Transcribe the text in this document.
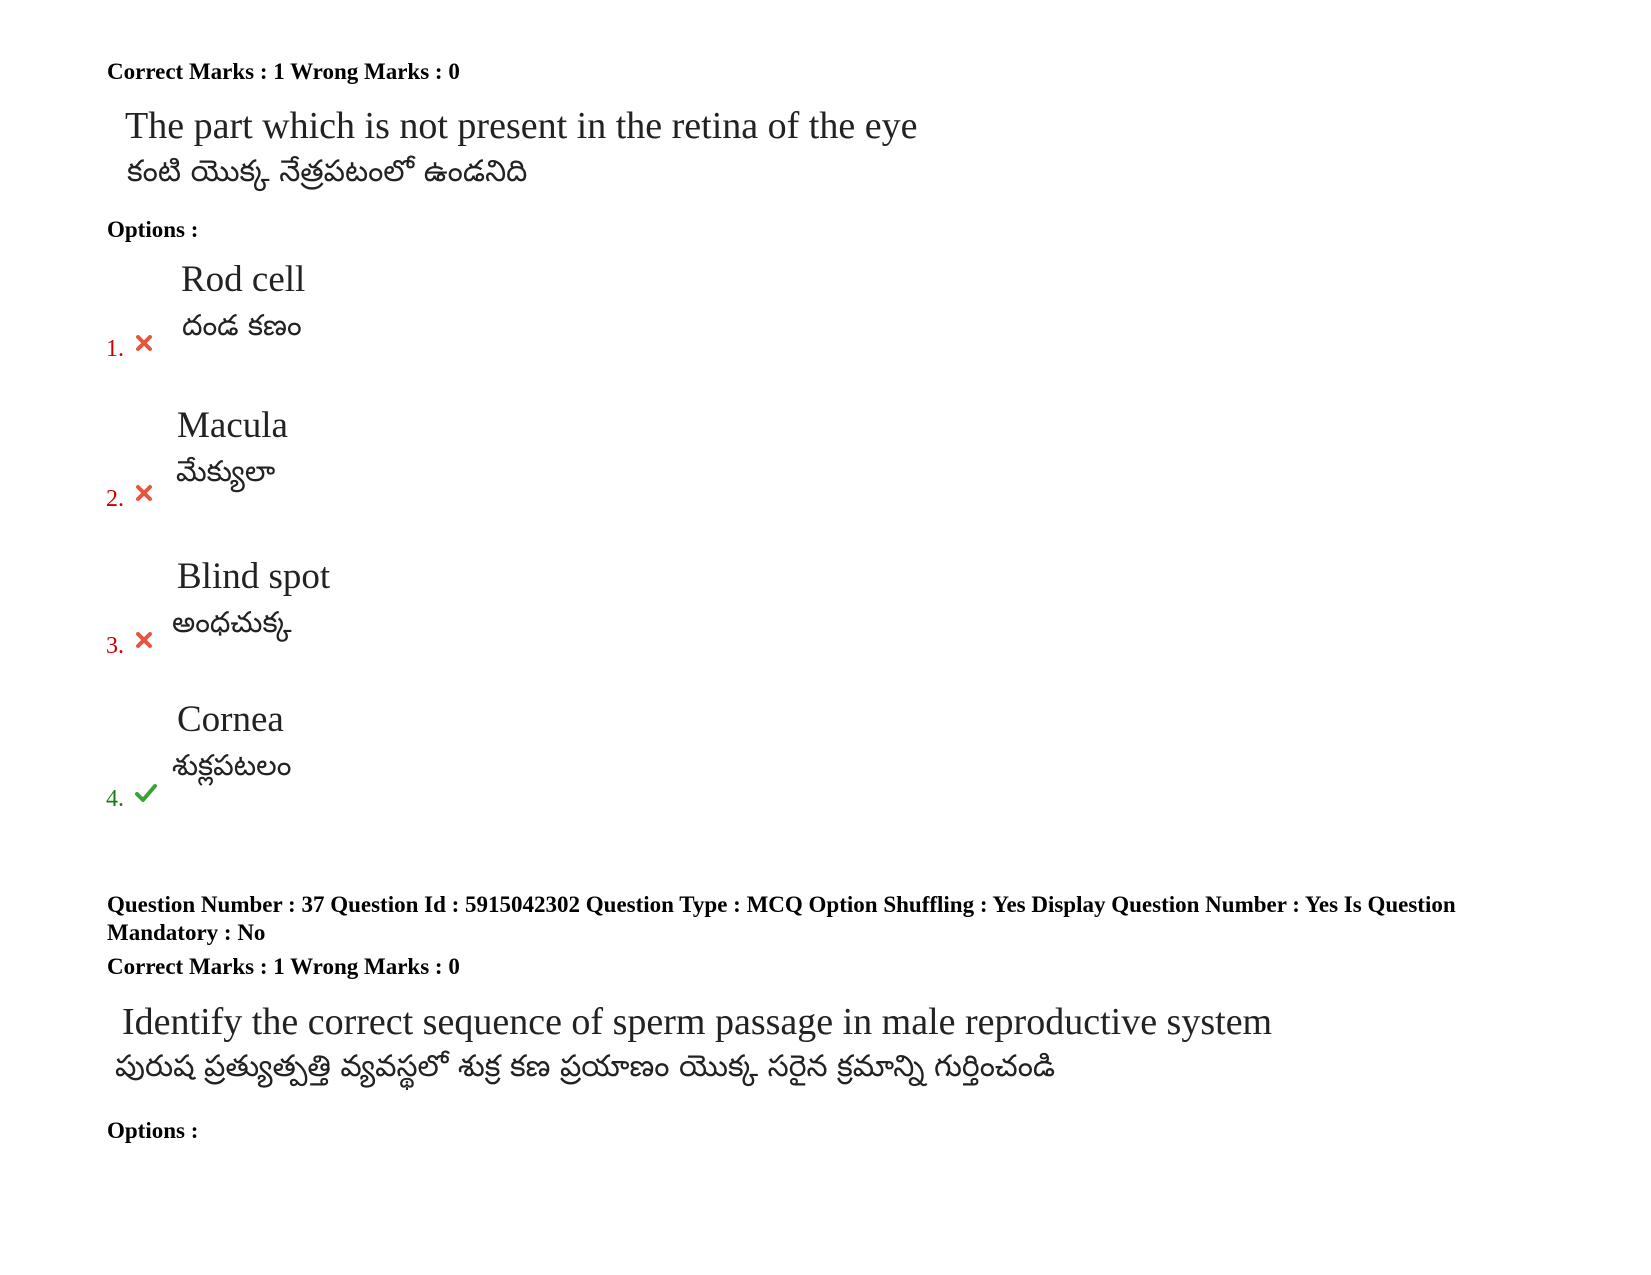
Correct Marks : 1 Wrong Marks : 0
The part which is not present in the retina of the eye
కంటి యొక్క నేత్రపటంలో ఉండనిది
Options :
Rod cell
దండ కణం
1.
Macula
మేక్యులా
2.
Blind spot
అంధచుక్క
3.
Cornea
శుక్లపటలం
4.
Question Number : 37 Question Id : 5915042302 Question Type : MCQ Option Shuffling : Yes Display Question Number : Yes Is Question Mandatory : No
Correct Marks : 1 Wrong Marks : 0
Identify the correct sequence of sperm passage in male reproductive system
పురుష ప్రత్యుత్పత్తి వ్యవస్థలో శుక్ర కణ ప్రయాణం యొక్క సరైన క్రమాన్ని గుర్తించండి
Options :
